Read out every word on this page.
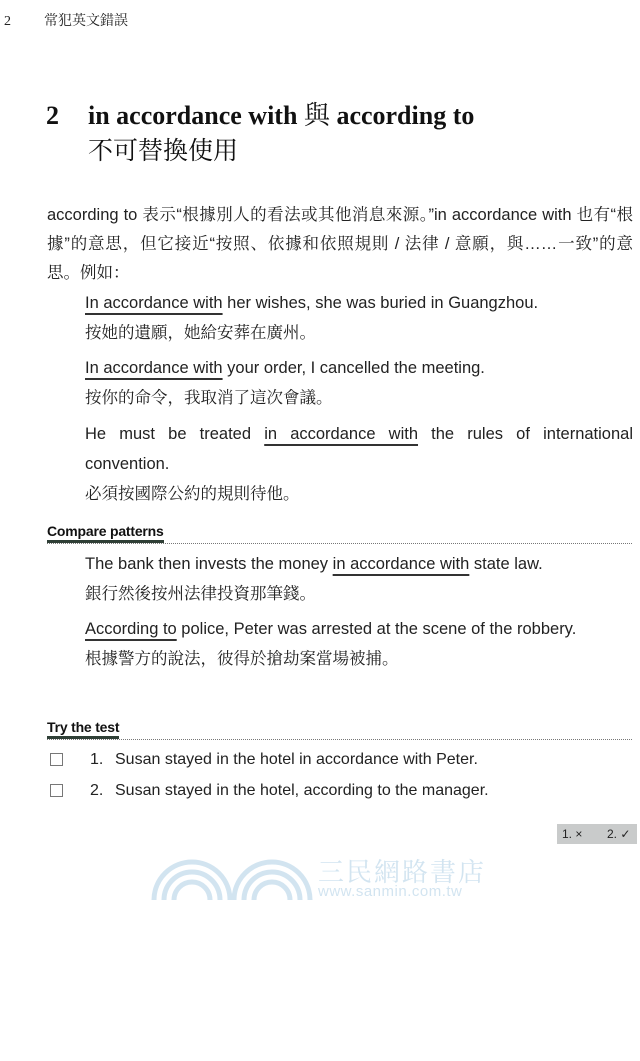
2 常犯英文錯誤
2 in accordance with 與 according to
不可替換使用
according to 表示“根據別人的看法或其他消息來源。”in accordance with 也有“根據”的意思，但它接近“按照、依據和依照規則 / 法律 / 意願，與……一致”的意思。例如：
In accordance with her wishes, she was buried in Guangzhou.
按她的遺願，她給安葬在廣州。
In accordance with your order, I cancelled the meeting.
按你的命令，我取消了這次會議。
He must be treated in accordance with the rules of international convention.
必須按國際公約的規則待他。
Compare patterns
The bank then invests the money in accordance with state law.
銀行然後按州法律投資那筆錢。
According to police, Peter was arrested at the scene of the robbery.
根據警方的說法，彼得於搶劫案當場被捕。
Try the test
1. Susan stayed in the hotel in accordance with Peter.
2. Susan stayed in the hotel, according to the manager.
1. × 2. ✓
三民網路書店
www.sanmin.com.tw
